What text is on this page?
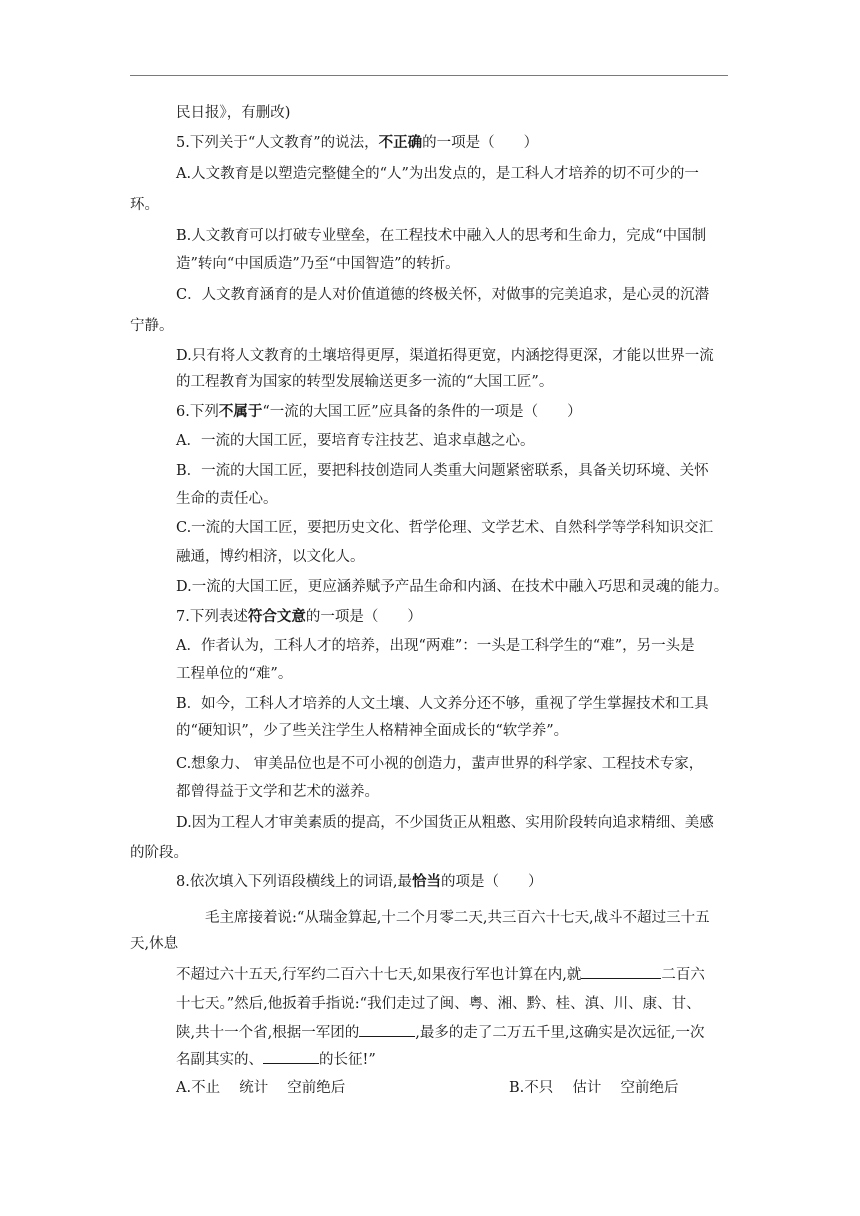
民日报》，有删改)
5.下列关于“人文教育”的说法，不正确的一项是（　　）
A.人文教育是以塑造完整健全的“人”为出发点的，是工科人才培养的切不可少的一
环。
B.人文教育可以打破专业壁垒，在工程技术中融入人的思考和生命力，完成“中国制
造”转向“中国质造”乃至“中国智造”的转折。
C．人文教育涵育的是人对价值道德的终极关怀，对做事的完美追求，是心灵的沉潜
宁静。
D.只有将人文教育的土壤培得更厚，渠道拓得更宽，内涵挖得更深，才能以世界一流
的工程教育为国家的转型发展输送更多一流的“大国工匠”。
6.下列不属于“一流的大国工匠”应具备的条件的一项是（　　）
A．一流的大国工匠，要培育专注技艺、追求卓越之心。
B．一流的大国工匠，要把科技创造同人类重大问题紧密联系，具备关切环境、关怀
生命的责任心。
C.一流的大国工匠，要把历史文化、哲学伦理、文学艺术、自然科学等学科知识交汇
融通，博约相济，以文化人。
D.一流的大国工匠，更应涵养赋予产品生命和内涵、在技术中融入巧思和灵魂的能力。
7.下列表述符合文意的一项是（　　）
A．作者认为，工科人才的培养，出现“两难”：一头是工科学生的“难”，另一头是
工程单位的“难”。
B．如今，工科人才培养的人文土壤、人文养分还不够，重视了学生掌握技术和工具
的“硬知识”，少了些关注学生人格精神全面成长的“软学养”。
C.想象力、 审美品位也是不可小视的创造力，蜚声世界的科学家、工程技术专家，
都曾得益于文学和艺术的滋养。
D.因为工程人才审美素质的提高，不少国货正从粗憨、实用阶段转向追求精细、美感
的阶段。
8.依次填入下列语段横线上的词语,最恰当的项是（　　）
毛主席接着说:“从瑞金算起,十二个月零二天,共三百六十七天,战斗不超过三十五
天,休息
不超过六十五天,行军约二百六十七天,如果夜行军也计算在内,就	二百六
十七天。”然后,他扳着手指说:“我们走过了闽、粤、湘、黔、桂、滇、川、康、甘、
陕,共十一个省,根据一军团的	,最多的走了二万五千里,这确实是次远征,一次
名副其实的、	的长征!”
A.不止　 统计　 空前绝后	B.不只　 估计　 空前绝后
